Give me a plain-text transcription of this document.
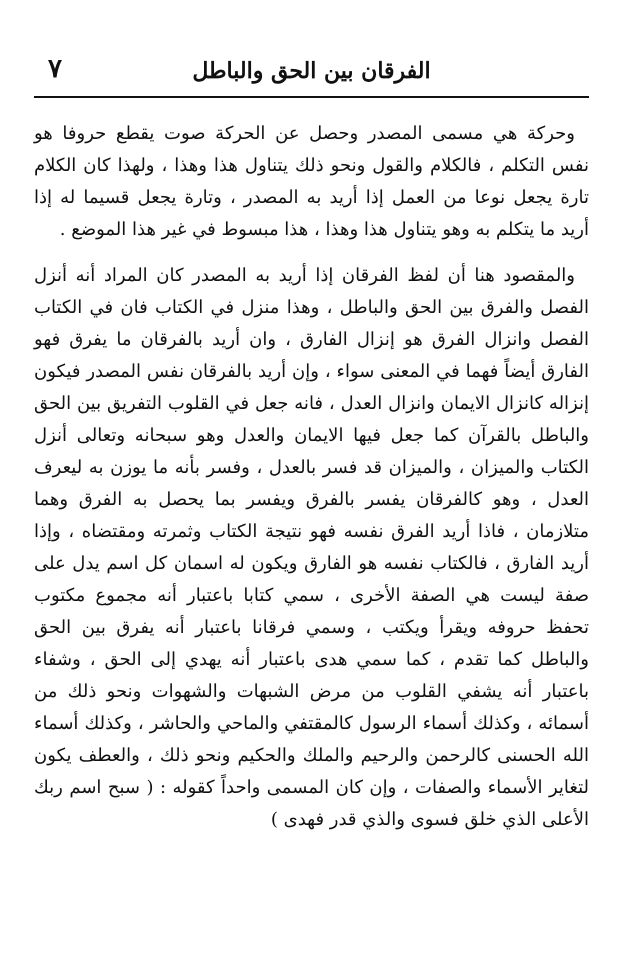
الفرقان بين الحق والباطل
٧

وحركة هي مسمى المصدر وحصل عن الحركة صوت يقطع حروفا هو نفس التكلم ، فالكلام والقول ونحو ذلك يتناول هذا وهذا ، ولهذا كان الكلام تارة يجعل نوعا من العمل إذا أريد به المصدر ، وتارة يجعل قسيما له إذا أريد ما يتكلم به وهو يتناول هذا وهذا ، هذا مبسوط في غير هذا الموضع .

والمقصود هنا أن لفظ الفرقان إذا أريد به المصدر كان المراد أنه أنزل الفصل والفرق بين الحق والباطل ، وهذا منزل في الكتاب فان في الكتاب الفصل وانزال الفرق هو إنزال الفارق ، وان أريد بالفرقان ما يفرق فهو الفارق أيضاً فهما في المعنى سواء ، وإن أريد بالفرقان نفس المصدر فيكون إنزاله كانزال الايمان وانزال العدل ، فانه جعل في القلوب التفريق بين الحق والباطل بالقرآن كما جعل فيها الايمان والعدل وهو سبحانه وتعالى أنزل الكتاب والميزان ، والميزان قد فسر بالعدل ، وفسر بأنه ما يوزن به ليعرف العدل ، وهو كالفرقان يفسر بالفرق ويفسر بما يحصل به الفرق وهما متلازمان ، فاذا أريد الفرق نفسه فهو نتيجة الكتاب وثمرته ومقتضاه ، وإذا أريد الفارق ، فالكتاب نفسه هو الفارق ويكون له اسمان كل اسم يدل على صفة ليست هي الصفة الأخرى ، سمي كتابا باعتبار أنه مجموع مكتوب تحفظ حروفه ويقرأ ويكتب ، وسمي فرقانا باعتبار أنه يفرق بين الحق والباطل كما تقدم ، كما سمي هدى باعتبار أنه يهدي إلى الحق ، وشفاء باعتبار أنه يشفي القلوب من مرض الشبهات والشهوات ونحو ذلك من أسمائه ، وكذلك أسماء الرسول كالمقتفي والماحي والحاشر ، وكذلك أسماء الله الحسنى كالرحمن والرحيم والملك والحكيم ونحو ذلك ، والعطف يكون لتغاير الأسماء والصفات ، وإن كان المسمى واحداً كقوله : ( سبح اسم ربك الأعلى الذي خلق فسوى والذي قدر فهدى )
